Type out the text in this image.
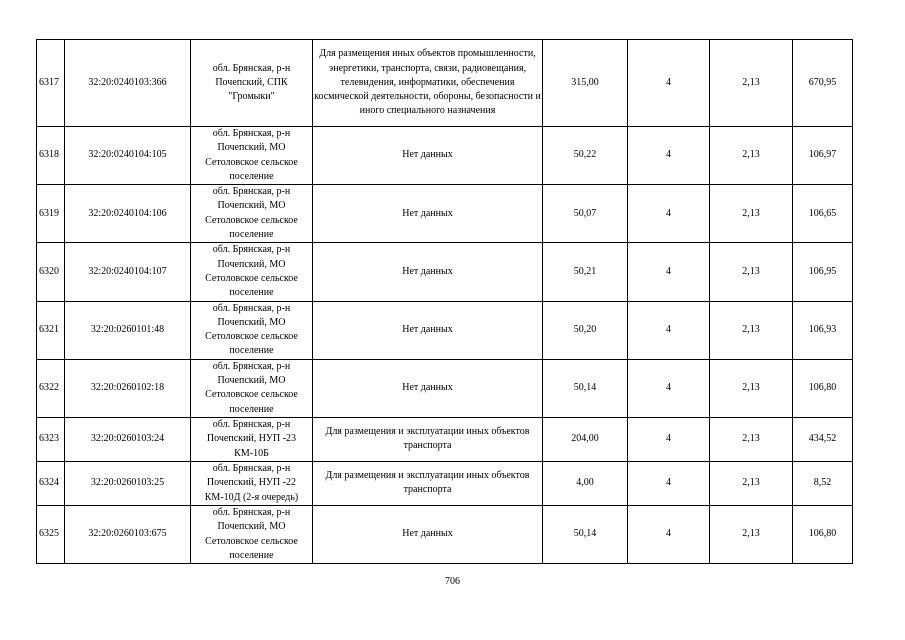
6317	32:20:0240103:366	обл. Брянская, р-н Почепский, СПК "Громыки"	Для размещения иных объектов промышленности, энергетики, транспорта, связи, радиовещания, телевидения, информатики, обеспечения космической деятельности, обороны, безопасности и иного специального назначения	315,00	4	2,13	670,95
6318	32:20:0240104:105	обл. Брянская, р-н Почепский, МО Сетоловское сельское поселение	Нет данных	50,22	4	2,13	106,97
6319	32:20:0240104:106	обл. Брянская, р-н Почепский, МО Сетоловское сельское поселение	Нет данных	50,07	4	2,13	106,65
6320	32:20:0240104:107	обл. Брянская, р-н Почепский, МО Сетоловское сельское поселение	Нет данных	50,21	4	2,13	106,95
6321	32:20:0260101:48	обл. Брянская, р-н Почепский, МО Сетоловское сельское поселение	Нет данных	50,20	4	2,13	106,93
6322	32:20:0260102:18	обл. Брянская, р-н Почепский, МО Сетоловское сельское поселение	Нет данных	50,14	4	2,13	106,80
6323	32:20:0260103:24	обл. Брянская, р-н Почепский, НУП -23 КМ-10Б	Для размещения и эксплуатации иных объектов транспорта	204,00	4	2,13	434,52
6324	32:20:0260103:25	обл. Брянская, р-н Почепский, НУП -22 КМ-10Д (2-я очередь)	Для размещения и эксплуатации иных объектов транспорта	4,00	4	2,13	8,52
6325	32:20:0260103:675	обл. Брянская, р-н Почепский, МО Сетоловское сельское поселение	Нет данных	50,14	4	2,13	106,80
706
